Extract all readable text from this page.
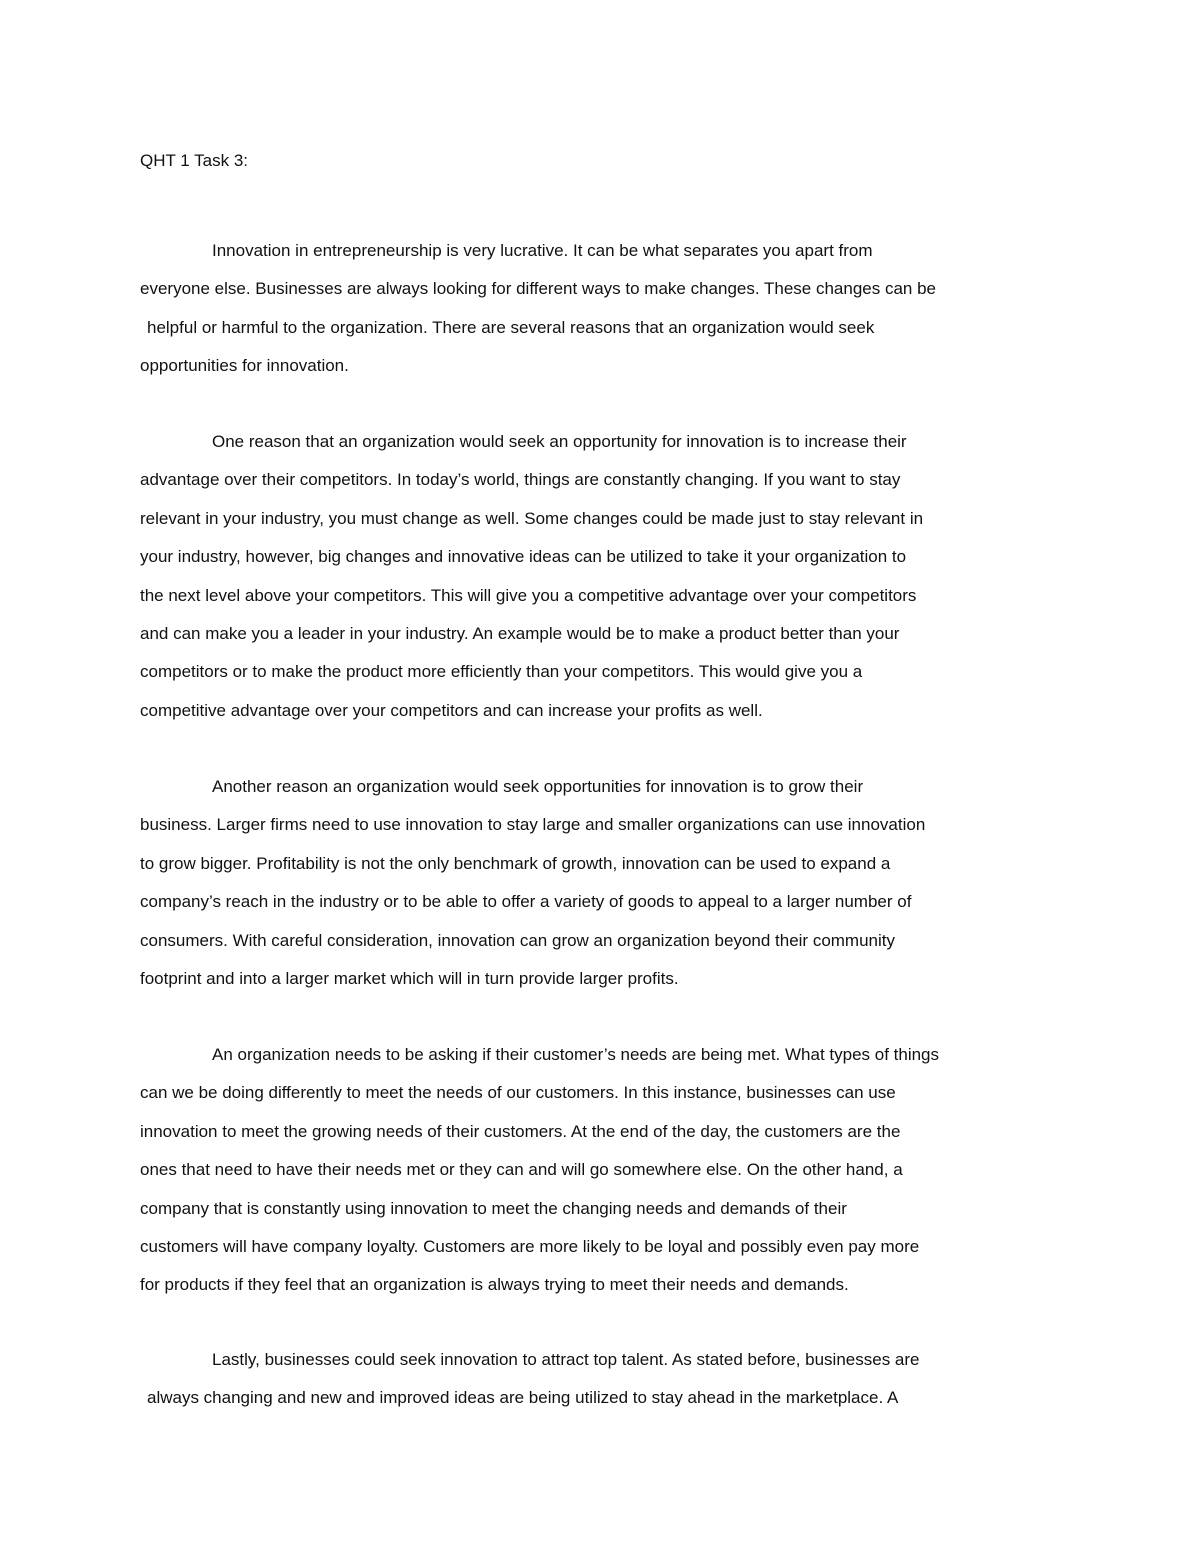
QHT 1 Task 3:
Innovation in entrepreneurship is very lucrative. It can be what separates you apart from
everyone else. Businesses are always looking for different ways to make changes. These changes can be
helpful or harmful to the organization. There are several reasons that an organization would seek
opportunities for innovation.
One reason that an organization would seek an opportunity for innovation is to increase their
advantage over their competitors. In today’s world, things are constantly changing. If you want to stay
relevant in your industry, you must change as well. Some changes could be made just to stay relevant in
your industry, however, big changes and innovative ideas can be utilized to take it your organization to
the next level above your competitors. This will give you a competitive advantage over your competitors
and can make you a leader in your industry. An example would be to make a product better than your
competitors or to make the product more efficiently than your competitors. This would give you a
competitive advantage over your competitors and can increase your profits as well.
Another reason an organization would seek opportunities for innovation is to grow their
business. Larger firms need to use innovation to stay large and smaller organizations can use innovation
to grow bigger. Profitability is not the only benchmark of growth, innovation can be used to expand a
company’s reach in the industry or to be able to offer a variety of goods to appeal to a larger number of
consumers. With careful consideration, innovation can grow an organization beyond their community
footprint and into a larger market which will in turn provide larger profits.
An organization needs to be asking if their customer’s needs are being met. What types of things
can we be doing differently to meet the needs of our customers. In this instance, businesses can use
innovation to meet the growing needs of their customers. At the end of the day, the customers are the
ones that need to have their needs met or they can and will go somewhere else. On the other hand, a
company that is constantly using innovation to meet the changing needs and demands of their
customers will have company loyalty. Customers are more likely to be loyal and possibly even pay more
for products if they feel that an organization is always trying to meet their needs and demands.
Lastly, businesses could seek innovation to attract top talent. As stated before, businesses are
always changing and new and improved ideas are being utilized to stay ahead in the marketplace. A
